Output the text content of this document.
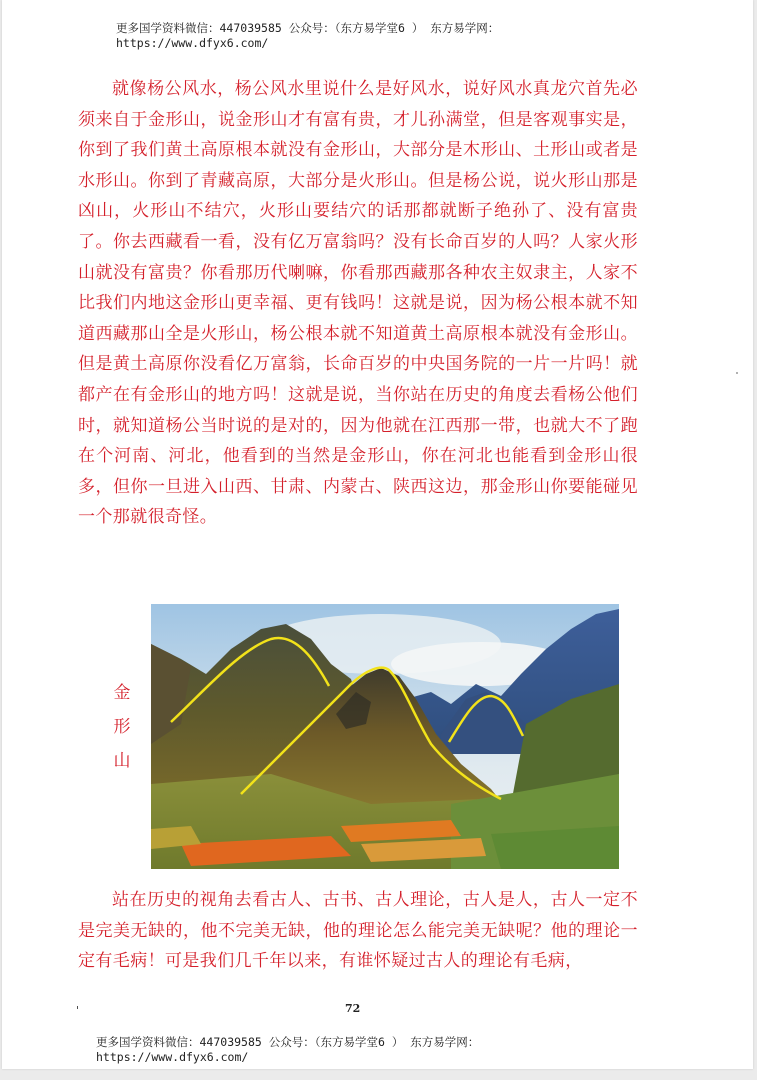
更多国学资料微信：447039585 公众号：（东方易学堂6 ） 东方易学网：
https://www.dfyx6.com/

就像杨公风水，杨公风水里说什么是好风水，说好风水真龙穴首先必须来自于金形山，说金形山才有富有贵，才儿孙满堂，但是客观事实是，你到了我们黄土高原根本就没有金形山，大部分是木形山、土形山或者是水形山。你到了青藏高原，大部分是火形山。但是杨公说，说火形山那是凶山，火形山不结穴，火形山要结穴的话那都就断子绝孙了、没有富贵了。你去西藏看一看，没有亿万富翁吗？没有长命百岁的人吗？人家火形山就没有富贵？你看那历代喇嘛，你看那西藏那各种农主奴隶主，人家不比我们内地这金形山更幸福、更有钱吗！这就是说，因为杨公根本就不知道西藏那山全是火形山，杨公根本就不知道黄土高原根本就没有金形山。但是黄土高原你没看亿万富翁，长命百岁的中央国务院的一片一片吗！就都产在有金形山的地方吗！这就是说，当你站在历史的角度去看杨公他们时，就知道杨公当时说的是对的，因为他就在江西那一带，也就大不了跑在个河南、河北，他看到的当然是金形山，你在河北也能看到金形山很多，但你一旦进入山西、甘肃、内蒙古、陕西这边，那金形山你要能碰见一个那就很奇怪。

金形山

站在历史的视角去看古人、古书、古人理论，古人是人，古人一定不是完美无缺的，他不完美无缺，他的理论怎么能完美无缺呢？他的理论一定有毛病！可是我们几千年以来，有谁怀疑过古人的理论有毛病，

'	72
更多国学资料微信：447039585 公众号：（东方易学堂6 ） 东方易学网：
https://www.dfyx6.com/
